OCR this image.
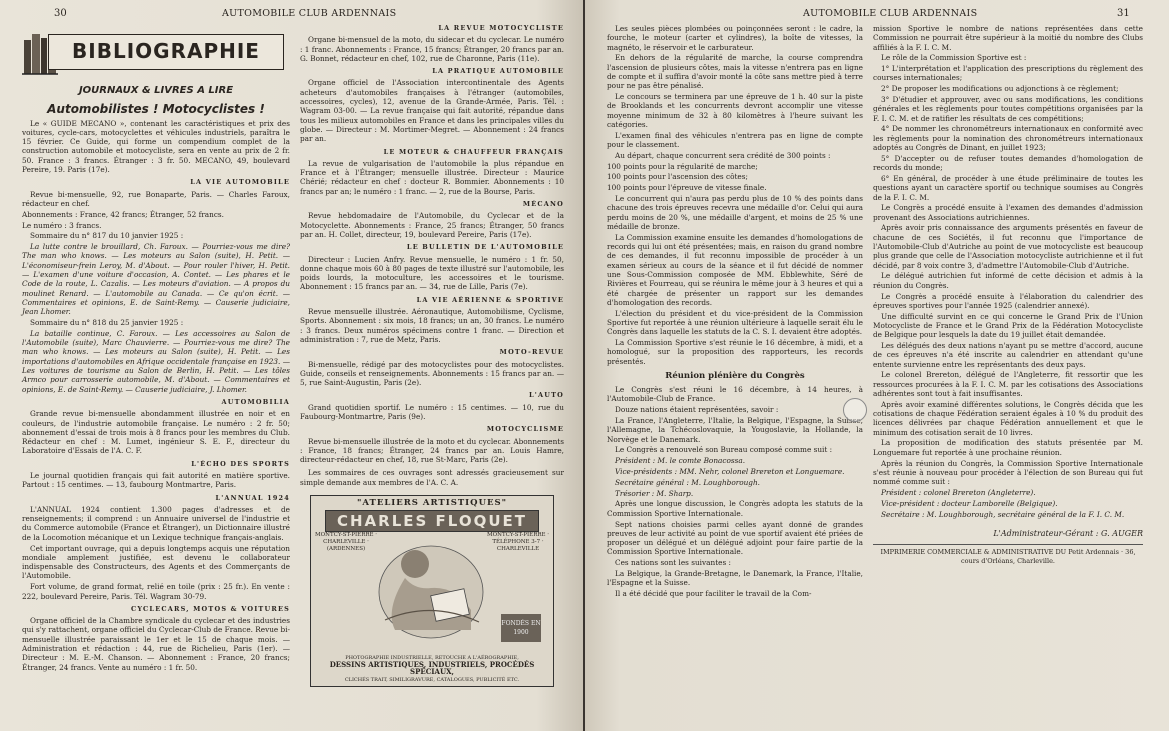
30	AUTOMOBILE CLUB ARDENNAIS
BIBLIOGRAPHIE
JOURNAUX & LIVRES A LIRE
Automobilistes ! Motocyclistes !

Le « GUIDE MECANO », contenant les caractéristiques et prix des voitures, cycle-cars, motocyclettes et véhicules industriels, paraîtra le 15 février. Ce Guide, qui forme un compendium complet de la construction automobile et motocycliste, sera en vente au prix de 2 fr. 50. France : 3 francs. Étranger : 3 fr. 50. MECANO, 49, boulevard Pereire, 19. Paris (17e).

LA VIE AUTOMOBILE

Revue bi-mensuelle, 92, rue Bonaparte, Paris. — Charles Faroux, rédacteur en chef.

Abonnements : France, 42 francs; Étranger, 52 francs.

Le numéro : 3 francs.

Sommaire du n° 817 du 10 janvier 1925 :

La lutte contre le brouillard, Ch. Faroux. — Pourriez-vous me dire? The man who knows. — Les moteurs au Salon (suite), H. Petit. — L'économiseur-frein Leroy, M. d'About. — Pour rouler l'hiver, H. Petit. — L'examen d'une voiture d'occasion, A. Contet. — Les phares et le Code de la route, L. Cazalis. — Les moteurs d'aviation. — A propos du moulinet Renard. — L'automobile au Canada. — Ce qu'on écrit. — Commentaires et opinions, E. de Saint-Remy. — Causerie judiciaire, Jean Lhomer.

Sommaire du n° 818 du 25 janvier 1925 :

La bataille continue, C. Faroux. — Les accessoires au Salon de l'Automobile (suite), Marc Chauvierre. — Pourriez-vous me dire? The man who knows. — Les moteurs au Salon (suite), H. Petit. — Les importations d'automobiles en Afrique occidentale française en 1923. — Les voitures de tourisme au Salon de Berlin, H. Petit. — Les tôles Armco pour carrosserie automobile, M. d'About. — Commentaires et opinions, E. de Saint-Remy. — Causerie judiciaire, J. Lhomer.

AUTOMOBILIA

Grande revue bi-mensuelle abondamment illustrée en noir et en couleurs, de l'industrie automobile française. Le numéro : 2 fr. 50; abonnement d'essai de trois mois à 8 francs pour les membres du Club. Rédacteur en chef : M. Lumet, ingénieur S. E. F., directeur du Laboratoire d'Essais de l'A. C. F.

L'ÉCHO DES SPORTS

Le journal quotidien français qui fait autorité en matière sportive. Partout : 15 centimes. — 13, faubourg Montmartre, Paris.

L'ANNUAL 1924

L'ANNUAL 1924 contient 1.300 pages d'adresses et de renseignements; il comprend : un Annuaire universel de l'industrie et du Commerce automobile (France et Étranger), un Dictionnaire illustré de la Locomotion mécanique et un Lexique technique français-anglais.

Cet important ouvrage, qui a depuis longtemps acquis une réputation mondiale amplement justifiée, est devenu le collaborateur indispensable des Constructeurs, des Agents et des Commerçants de l'Automobile.

Fort volume, de grand format, relié en toile (prix : 25 fr.). En vente : 222, boulevard Pereire, Paris. Tél. Wagram 30-79.

CYCLECARS, MOTOS & VOITURES

Organe officiel de la Chambre syndicale du cyclecar et des industries qui s'y rattachent, organe officiel du Cyclecar-Club de France. Revue bi-mensuelle illustrée paraissant le 1er et le 15 de chaque mois. — Administration et rédaction : 44, rue de Richelieu, Paris (1er). — Directeur : M. E.-M. Chanson. — Abonnement : France, 20 francs; Étranger, 24 francs. Vente au numéro : 1 fr. 50.

LA REVUE MOTOCYCLISTE

Organe bi-mensuel de la moto, du sidecar et du cyclecar. Le numéro : 1 franc. Abonnements : France, 15 francs; Étranger, 20 francs par an. G. Bonnet, rédacteur en chef, 102, rue de Charonne, Paris (11e).

LA PRATIQUE AUTOMOBILE

Organe officiel de l'Association intercontinentale des Agents acheteurs d'automobiles françaises à l'étranger (automobiles, accessoires, cycles), 12, avenue de la Grande-Armée, Paris. Tél. : Wagram 03-00. — La revue française qui fait autorité, répandue dans tous les milieux automobiles en France et dans les principales villes du globe. — Directeur : M. Mortimer-Megret. — Abonnement : 24 francs par an.

LE MOTEUR & CHAUFFEUR FRANÇAIS

La revue de vulgarisation de l'automobile la plus répandue en France et à l'Étranger; mensuelle illustrée. Directeur : Maurice Chérié; rédacteur en chef : docteur R. Bommier. Abonnements : 10 francs par an; le numéro : 1 franc. — 2, rue de la Bourse, Paris.

MÉCANO

Revue hebdomadaire de l'Automobile, du Cyclecar et de la Motocyclette. Abonnements : France, 25 francs; Étranger, 50 francs par an. H. Collet, directeur, 19, boulevard Pereire, Paris (17e).

LE BULLETIN DE L'AUTOMOBILE

Directeur : Lucien Anfry. Revue mensuelle, le numéro : 1 fr. 50, donne chaque mois 60 à 80 pages de texte illustré sur l'automobile, les poids lourds, la motoculture, les accessoires et le tourisme. Abonnement : 15 francs par an. — 34, rue de Lille, Paris (7e).

LA VIE AÉRIENNE & SPORTIVE

Revue mensuelle illustrée. Aéronautique, Automobilisme, Cyclisme, Sports. Abonnement : six mois, 18 francs; un an, 30 francs. Le numéro : 3 francs. Deux numéros spécimens contre 1 franc. — Direction et administration : 7, rue de Metz, Paris.

MOTO-REVUE

Bi-mensuelle, rédigé par des motocyclistes pour des motocyclistes. Guide, conseils et renseignements. Abonnements : 15 francs par an. — 5, rue Saint-Augustin, Paris (2e).

L'AUTO

Grand quotidien sportif. Le numéro : 15 centimes. — 10, rue du Faubourg-Montmartre, Paris (9e).

MOTOCYCLISME

Revue bi-mensuelle illustrée de la moto et du cyclecar. Abonnements : France, 18 francs; Étranger, 24 francs par an. Louis Hamre, directeur-rédacteur en chef, 18, rue St-Marc, Paris (2e).

Les sommaires de ces ouvrages sont adressés gracieusement sur simple demande aux membres de l'A. C. A.

"ATELIERS ARTISTIQUES"
CHARLES FLOQUET
MONTCY-ST-PIERRE · CHARLEVILLE · (ARDENNES)
MONTCY-ST-PIERRE · TÉLÉPHONE 3-7 · CHARLEVILLE
FONDÉS EN 1900
PHOTOGRAPHIE INDUSTRIELLE, RETOUCHE A L'AÉROGRAPHIE,
DESSINS ARTISTIQUES, INDUSTRIELS, PROCÉDÉS SPÉCIAUX,
CLICHÉS TRAIT, SIMILIGRAVURE, CATALOGUES, PUBLICITÉ ETC.
AUTOMOBILE CLUB ARDENNAIS	31

Les seules pièces plombées ou poinçonnées seront : le cadre, la fourche, le moteur (carter et cylindres), la boîte de vitesses, la magnéto, le réservoir et le carburateur.

En dehors de la régularité de marche, la course comprendra l'ascension de plusieurs côtes, mais la vitesse n'entrera pas en ligne de compte et il suffira d'avoir monté la côte sans mettre pied à terre pour ne pas être pénalisé.

Le concours se terminera par une épreuve de 1 h. 40 sur la piste de Brooklands et les concurrents devront accomplir une vitesse moyenne minimum de 32 à 80 kilomètres à l'heure suivant les catégories.

L'examen final des véhicules n'entrera pas en ligne de compte pour le classement.

Au départ, chaque concurrent sera crédité de 300 points :

100 points pour la régularité de marche;

100 points pour l'ascension des côtes;

100 points pour l'épreuve de vitesse finale.

Le concurrent qui n'aura pas perdu plus de 10 % des points dans chacune des trois épreuves recevra une médaille d'or. Celui qui aura perdu moins de 20 %, une médaille d'argent, et moins de 25 % une médaille de bronze.

La Commission examine ensuite les demandes d'homologations de records qui lui ont été présentées; mais, en raison du grand nombre de ces demandes, il fut reconnu impossible de procéder à un examen sérieux au cours de la séance et il fut décidé de nommer une Sous-Commission composée de MM. Ebblewhite, Séré de Rivières et Fourreau, qui se réunira le même jour à 3 heures et qui a été chargée de présenter un rapport sur les demandes d'homologation des records.

L'élection du président et du vice-président de la Commission Sportive fut reportée à une réunion ultérieure à laquelle serait élu le Congrès dans laquelle les statuts de la C. S. I. devaient être adoptés.

La Commission Sportive s'est réunie le 16 décembre, à midi, et a homologué, sur la proposition des rapporteurs, les records présentés.

Réunion plénière du Congrès

Le Congrès s'est réuni le 16 décembre, à 14 heures, à l'Automobile-Club de France.

Douze nations étaient représentées, savoir :

La France, l'Angleterre, l'Italie, la Belgique, l'Espagne, la Suisse, l'Allemagne, la Tchécoslovaquie, la Yougoslavie, la Hollande, la Norvège et le Danemark.

Le Congrès a renouvelé son Bureau composé comme suit :

Président : M. le comte Bonacossa.

Vice-présidents : MM. Nehr, colonel Brereton et Longuemare.

Secrétaire général : M. Loughborough.

Trésorier : M. Sharp.

Après une longue discussion, le Congrès adopta les statuts de la Commission Sportive Internationale.

Sept nations choisies parmi celles ayant donné de grandes preuves de leur activité au point de vue sportif avaient été priées de proposer un délégué et un délégué adjoint pour faire partie de la Commission Sportive Internationale.

Ces nations sont les suivantes :

La Belgique, la Grande-Bretagne, le Danemark, la France, l'Italie, l'Espagne et la Suisse.

Il a été décidé que pour faciliter le travail de la Com-

mission Sportive le nombre de nations représentées dans cette Commission ne pourrait être supérieur à la moitié du nombre des Clubs affiliés à la F. I. C. M.

Le rôle de la Commission Sportive est :

1° L'interprétation et l'application des prescriptions du règlement des courses internationales;

2° De proposer les modifications ou adjonctions à ce règlement;

3° D'étudier et approuver, avec ou sans modifications, les conditions générales et les règlements pour toutes compétitions organisées par la F. I. C. M. et de ratifier les résultats de ces compétitions;

4° De nommer les chronométreurs internationaux en conformité avec les règlements pour la nomination des chronométreurs internationaux adoptés au Congrès de Dinant, en juillet 1923;

5° D'accepter ou de refuser toutes demandes d'homologation de records du monde;

6° En général, de procéder à une étude préliminaire de toutes les questions ayant un caractère sportif ou technique soumises au Congrès de la F. I. C. M.

Le Congrès a procédé ensuite à l'examen des demandes d'admission provenant des Associations autrichiennes.

Après avoir pris connaissance des arguments présentés en faveur de chacune de ces Sociétés, il fut reconnu que l'importance de l'Automobile-Club d'Autriche au point de vue motocycliste est beaucoup plus grande que celle de l'Association motocycliste autrichienne et il fut décidé, par 8 voix contre 3, d'admettre l'Automobile-Club d'Autriche.

Le délégué autrichien fut informé de cette décision et admis à la réunion du Congrès.

Le Congrès a procédé ensuite à l'élaboration du calendrier des épreuves sportives pour l'année 1925 (calendrier annexé).

Une difficulté survint en ce qui concerne le Grand Prix de l'Union Motocycliste de France et le Grand Prix de la Fédération Motocycliste de Belgique pour lesquels la date du 19 juillet était demandée.

Les délégués des deux nations n'ayant pu se mettre d'accord, aucune de ces épreuves n'a été inscrite au calendrier en attendant qu'une entente survienne entre les représentants des deux pays.

Le colonel Brereton, délégué de l'Angleterre, fit ressortir que les ressources procurées à la F. I. C. M. par les cotisations des Associations adhérentes sont tout à fait insuffisantes.

Après avoir examiné différentes solutions, le Congrès décida que les cotisations de chaque Fédération seraient égales à 10 % du produit des licences délivrées par chaque Fédération annuellement et que le minimum des cotisation serait de 10 livres.

La proposition de modification des statuts présentée par M. Longuemare fut reportée à une prochaine réunion.

Après la réunion du Congrès, la Commission Sportive Internationale s'est réunie à nouveau pour procéder à l'élection de son Bureau qui fut nommé comme suit :

Président : colonel Brereton (Angleterre).

Vice-président : docteur Lamborelle (Belgique).

Secrétaire : M. Loughborough, secrétaire général de la F. I. C. M.

L'Administrateur-Gérant : G. AUGER
IMPRIMERIE COMMERCIALE & ADMINISTRATIVE DU Petit Ardennais · 36, cours d'Orléans, Charleville.
